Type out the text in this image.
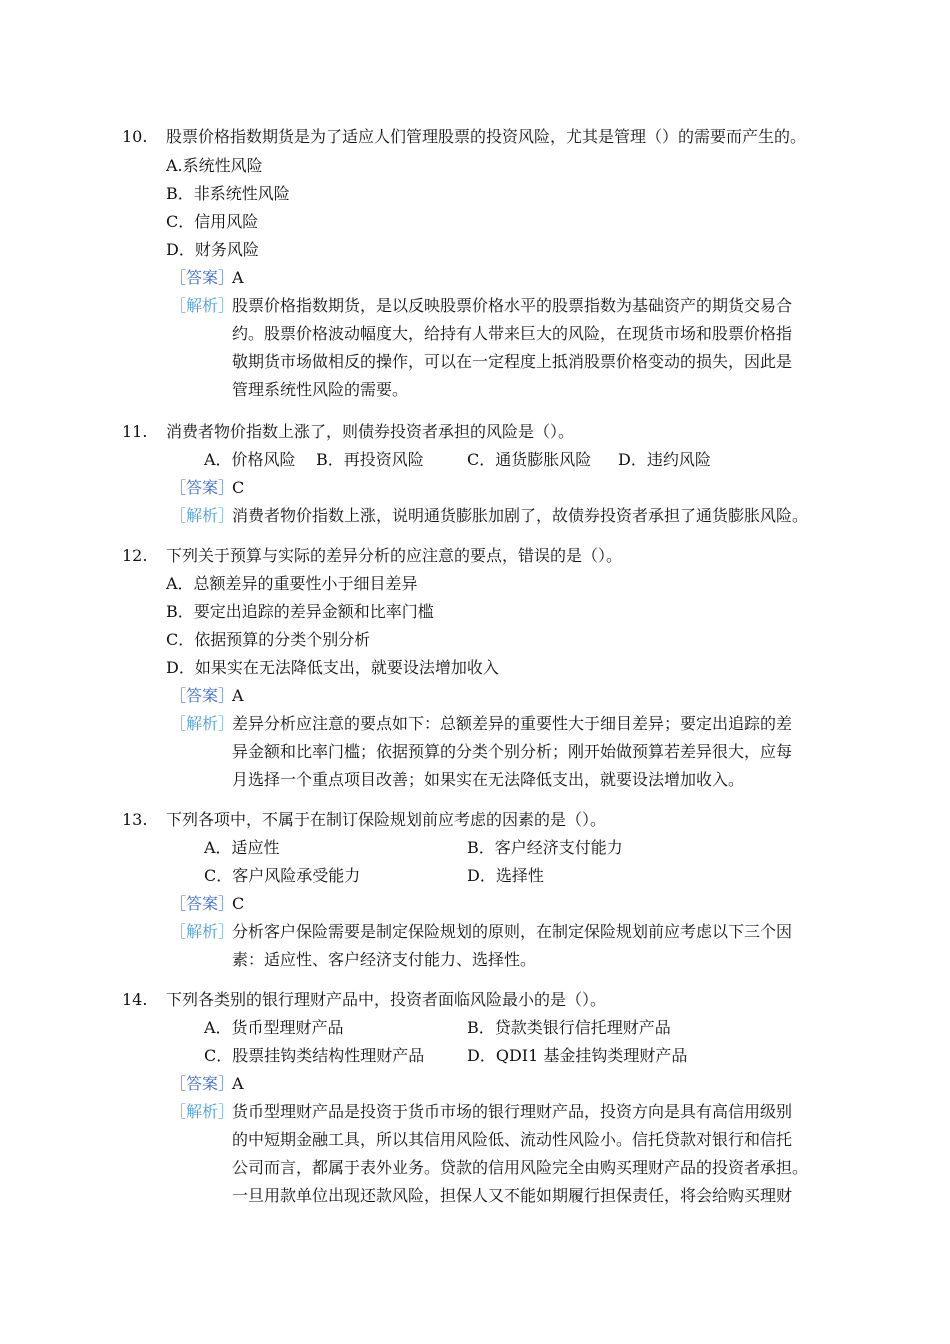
10. 股票价格指数期货是为了适应人们管理股票的投资风险，尤其是管理（）的需要而产生的。
A.系统性风险
B．非系统性风险
C．信用风险
D．财务风险
［答案］
A
［解析］
股票价格指数期货，是以反映股票价格水平的股票指数为基础资产的期货交易合
约。股票价格波动幅度大，给持有人带来巨大的风险，在现货市场和股票价格指
敬期货市场做相反的操作，可以在一定程度上抵消股票价格变动的损失，因此是
管理系统性风险的需要。
11. 消费者物价指数上涨了，则债券投资者承担的风险是（）。
A．价格风险 B．再投资风险	C．通货膨胀风险 D．违约风险
［答案］
C
［解析］
消费者物价指数上涨，说明通货膨胀加剧了，故债券投资者承担了通货膨胀风险。
12. 下列关于预算与实际的差异分析的应注意的要点，错误的是（）。
A．总额差异的重要性小于细目差异
B．要定出追踪的差异金额和比率门槛
C．依据预算的分类个别分析
D．如果实在无法降低支出，就要设法增加收入
［答案］
A
［解析］
差异分析应注意的要点如下：总额差异的重要性大于细目差异；要定出追踪的差
异金额和比率门槛；依据预算的分类个别分析；刚开始做预算若差异很大，应每
月选择一个重点项目改善；如果实在无法降低支出，就要设法增加收入。
13. 下列各项中，不属于在制订保险规划前应考虑的因素的是（）。
A．适应性	B．客户经济支付能力
C．客户风险承受能力	D．选择性
［答案］
C
［解析］
分析客户保险需要是制定保险规划的原则，在制定保险规划前应考虑以下三个因
素：适应性、客户经济支付能力、选择性。
14. 下列各类别的银行理财产品中，投资者面临风险最小的是（）。
A．货币型理财产品	B．贷款类银行信托理财产品
C．股票挂钩类结构性理财产品	D．QDI1 基金挂钩类理财产品
［答案］
A
［解析］
货币型理财产品是投资于货币市场的银行理财产品，投资方向是具有高信用级别
的中短期金融工具，所以其信用风险低、流动性风险小。信托贷款对银行和信托
公司而言，都属于表外业务。贷款的信用风险完全由购买理财产品的投资者承担。
一旦用款单位出现还款风险，担保人又不能如期履行担保责任，将会给购买理财
